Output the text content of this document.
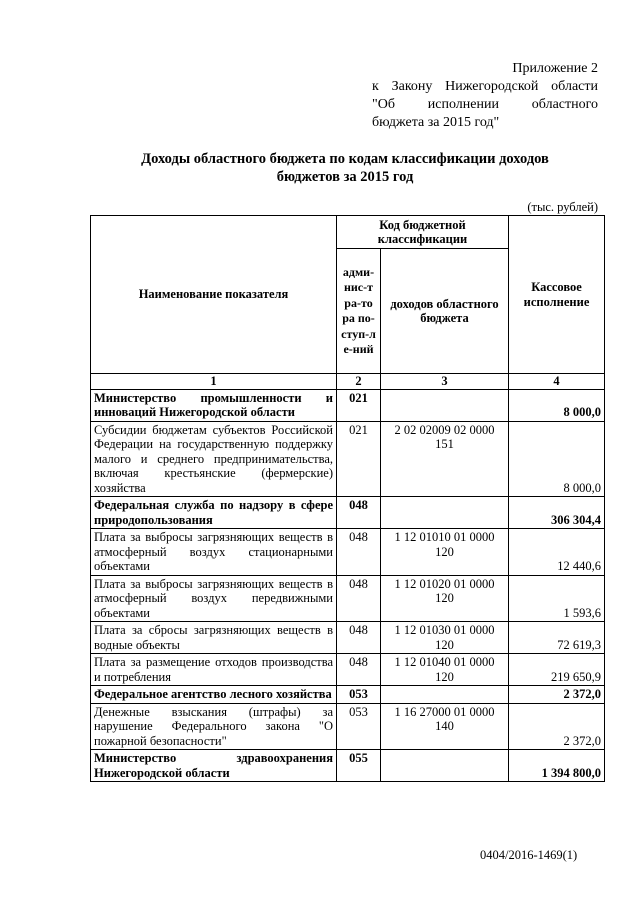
Приложение 2
к Закону Нижегородской области
"Об исполнении областного
бюджета за 2015 год"
Доходы областного бюджета по кодам классификации доходов
бюджетов за 2015 год
(тыс. рублей)
Наименование показателя	Код бюджетной классификации		Кассовое исполнение
	адми-нис-тра-тора по-ступ-ле-ний	доходов областного бюджета	
1	2	3	4
Министерство промышленности и инноваций Нижегородской области	021		8 000,0
Субсидии бюджетам субъектов Российской Федерации на государственную поддержку малого и среднего предпринимательства, включая крестьянские (фермерские) хозяйства	021	2 02 02009 02 0000 151	8 000,0
Федеральная служба по надзору в сфере природопользования	048		306 304,4
Плата за выбросы загрязняющих веществ в атмосферный воздух стационарными объектами	048	1 12 01010 01 0000 120	12 440,6
Плата за выбросы загрязняющих веществ в атмосферный воздух передвижными объектами	048	1 12 01020 01 0000 120	1 593,6
Плата за сбросы загрязняющих веществ в водные объекты	048	1 12 01030 01 0000 120	72 619,3
Плата за размещение отходов производства и потребления	048	1 12 01040 01 0000 120	219 650,9
Федеральное агентство лесного хозяйства	053		2 372,0
Денежные взыскания (штрафы) за нарушение Федерального закона "О пожарной безопасности"	053	1 16 27000 01 0000 140	2 372,0
Министерство здравоохранения Нижегородской области	055		1 394 800,0
0404/2016-1469(1)
